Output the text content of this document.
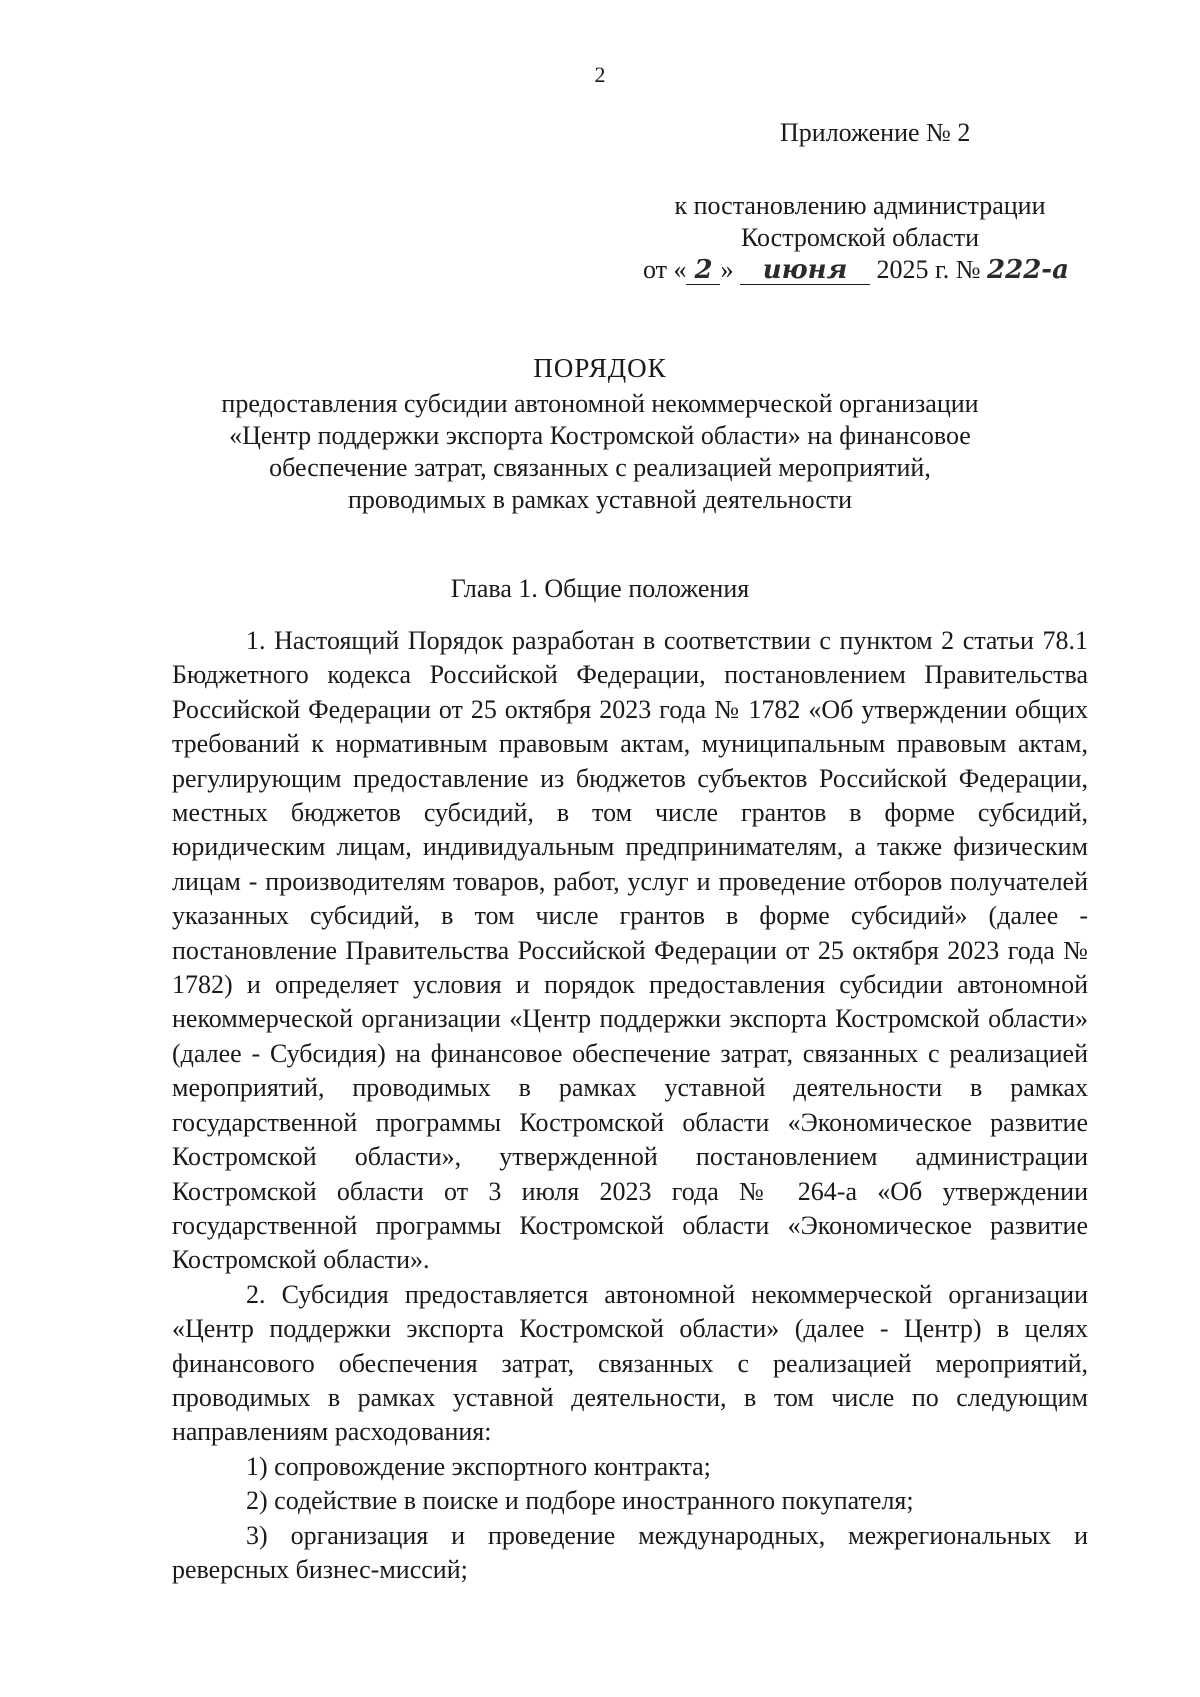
2
Приложение № 2
к постановлению администрации
Костромской области
от « 2 » июня 2025 г. № 222-а
ПОРЯДОК
предоставления субсидии автономной некоммерческой организации
«Центр поддержки экспорта Костромской области» на финансовое
обеспечение затрат, связанных с реализацией мероприятий,
проводимых в рамках уставной деятельности
Глава 1. Общие положения

1. Настоящий Порядок разработан в соответствии с пунктом 2 статьи 78.1 Бюджетного кодекса Российской Федерации, постановлением Правительства Российской Федерации от 25 октября 2023 года № 1782 «Об утверждении общих требований к нормативным правовым актам, муниципальным правовым актам, регулирующим предоставление из бюджетов субъектов Российской Федерации, местных бюджетов субсидий, в том числе грантов в форме субсидий, юридическим лицам, индивидуальным предпринимателям, а также физическим лицам - производителям товаров, работ, услуг и проведение отборов получателей указанных субсидий, в том числе грантов в форме субсидий» (далее - постановление Правительства Российской Федерации от 25 октября 2023 года № 1782) и определяет условия и порядок предоставления субсидии автономной некоммерческой организации «Центр поддержки экспорта Костромской области» (далее - Субсидия) на финансовое обеспечение затрат, связанных с реализацией мероприятий, проводимых в рамках уставной деятельности в рамках государственной программы Костромской области «Экономическое развитие Костромской области», утвержденной постановлением администрации Костромской области от 3 июля 2023 года № 264-а «Об утверждении государственной программы Костромской области «Экономическое развитие Костромской области».

2. Субсидия предоставляется автономной некоммерческой организации «Центр поддержки экспорта Костромской области» (далее - Центр) в целях финансового обеспечения затрат, связанных с реализацией мероприятий, проводимых в рамках уставной деятельности, в том числе по следующим направлениям расходования:

1) сопровождение экспортного контракта;

2) содействие в поиске и подборе иностранного покупателя;

3) организация и проведение международных, межрегиональных и реверсных бизнес-миссий;
